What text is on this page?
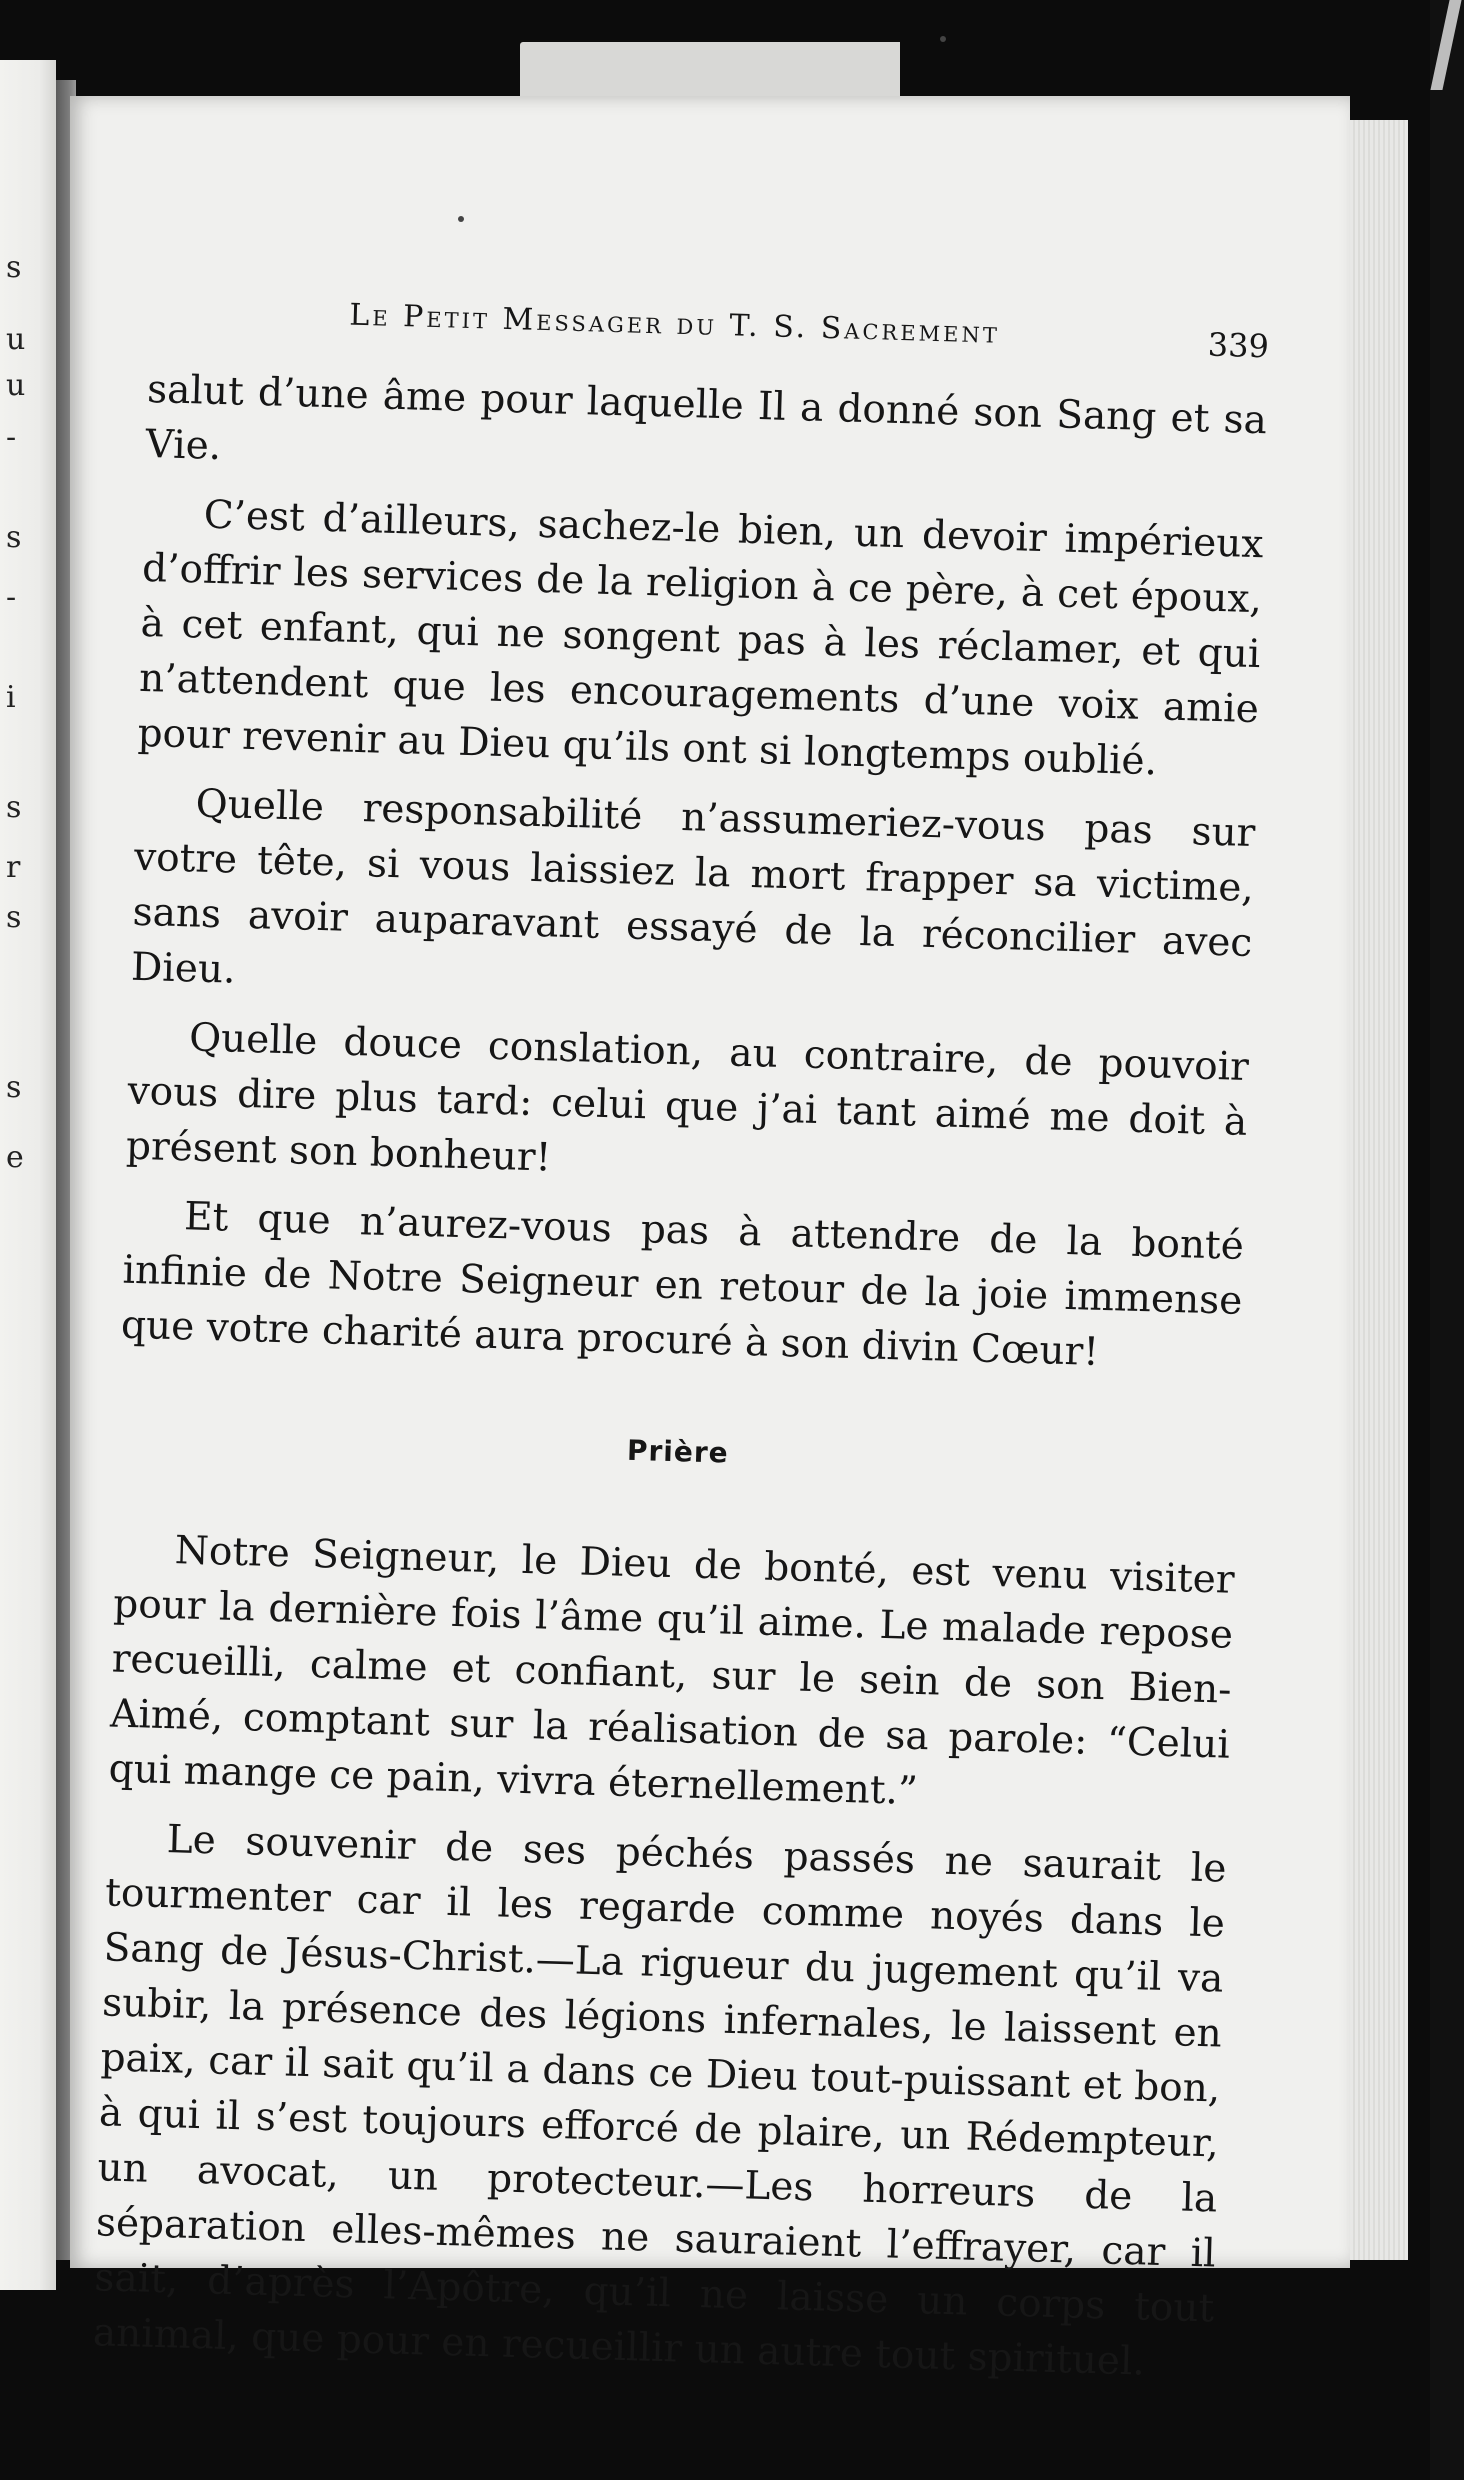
s
u
u
-
s
-
i
s
r
s
s
e
Le Petit Messager du T. S. Sacrement	339

salut d’une âme pour laquelle Il a donné son Sang et sa Vie.

C’est d’ailleurs, sachez-le bien, un devoir impérieux d’offrir les services de la religion à ce père, à cet époux, à cet enfant, qui ne songent pas à les réclamer, et qui n’attendent que les encouragements d’une voix amie pour revenir au Dieu qu’ils ont si longtemps oublié.

Quelle responsabilité n’assumeriez-vous pas sur votre tête, si vous laissiez la mort frapper sa victime, sans avoir auparavant essayé de la réconcilier avec Dieu.

Quelle douce conslation, au contraire, de pouvoir vous dire plus tard: celui que j’ai tant aimé me doit à présent son bonheur!

Et que n’aurez-vous pas à attendre de la bonté infinie de Notre Seigneur en retour de la joie immense que votre charité aura procuré à son divin Cœur!

Prière

Notre Seigneur, le Dieu de bonté, est venu visiter pour la dernière fois l’âme qu’il aime. Le malade repose recueilli, calme et confiant, sur le sein de son Bien-Aimé, comptant sur la réalisation de sa parole: “Celui qui mange ce pain, vivra éternellement.”

Le souvenir de ses péchés passés ne saurait le tourmenter car il les regarde comme noyés dans le Sang de Jésus-Christ.—La rigueur du jugement qu’il va subir, la présence des légions infernales, le laissent en paix, car il sait qu’il a dans ce Dieu tout-puissant et bon, à qui il s’est toujours efforcé de plaire, un Rédempteur, un avocat, un protecteur.—Les horreurs de la séparation elles-mêmes ne sauraient l’effrayer, car il sait, d’après l’Apôtre, qu’il ne laisse un corps tout animal, que pour en recueillir un autre tout spirituel.
